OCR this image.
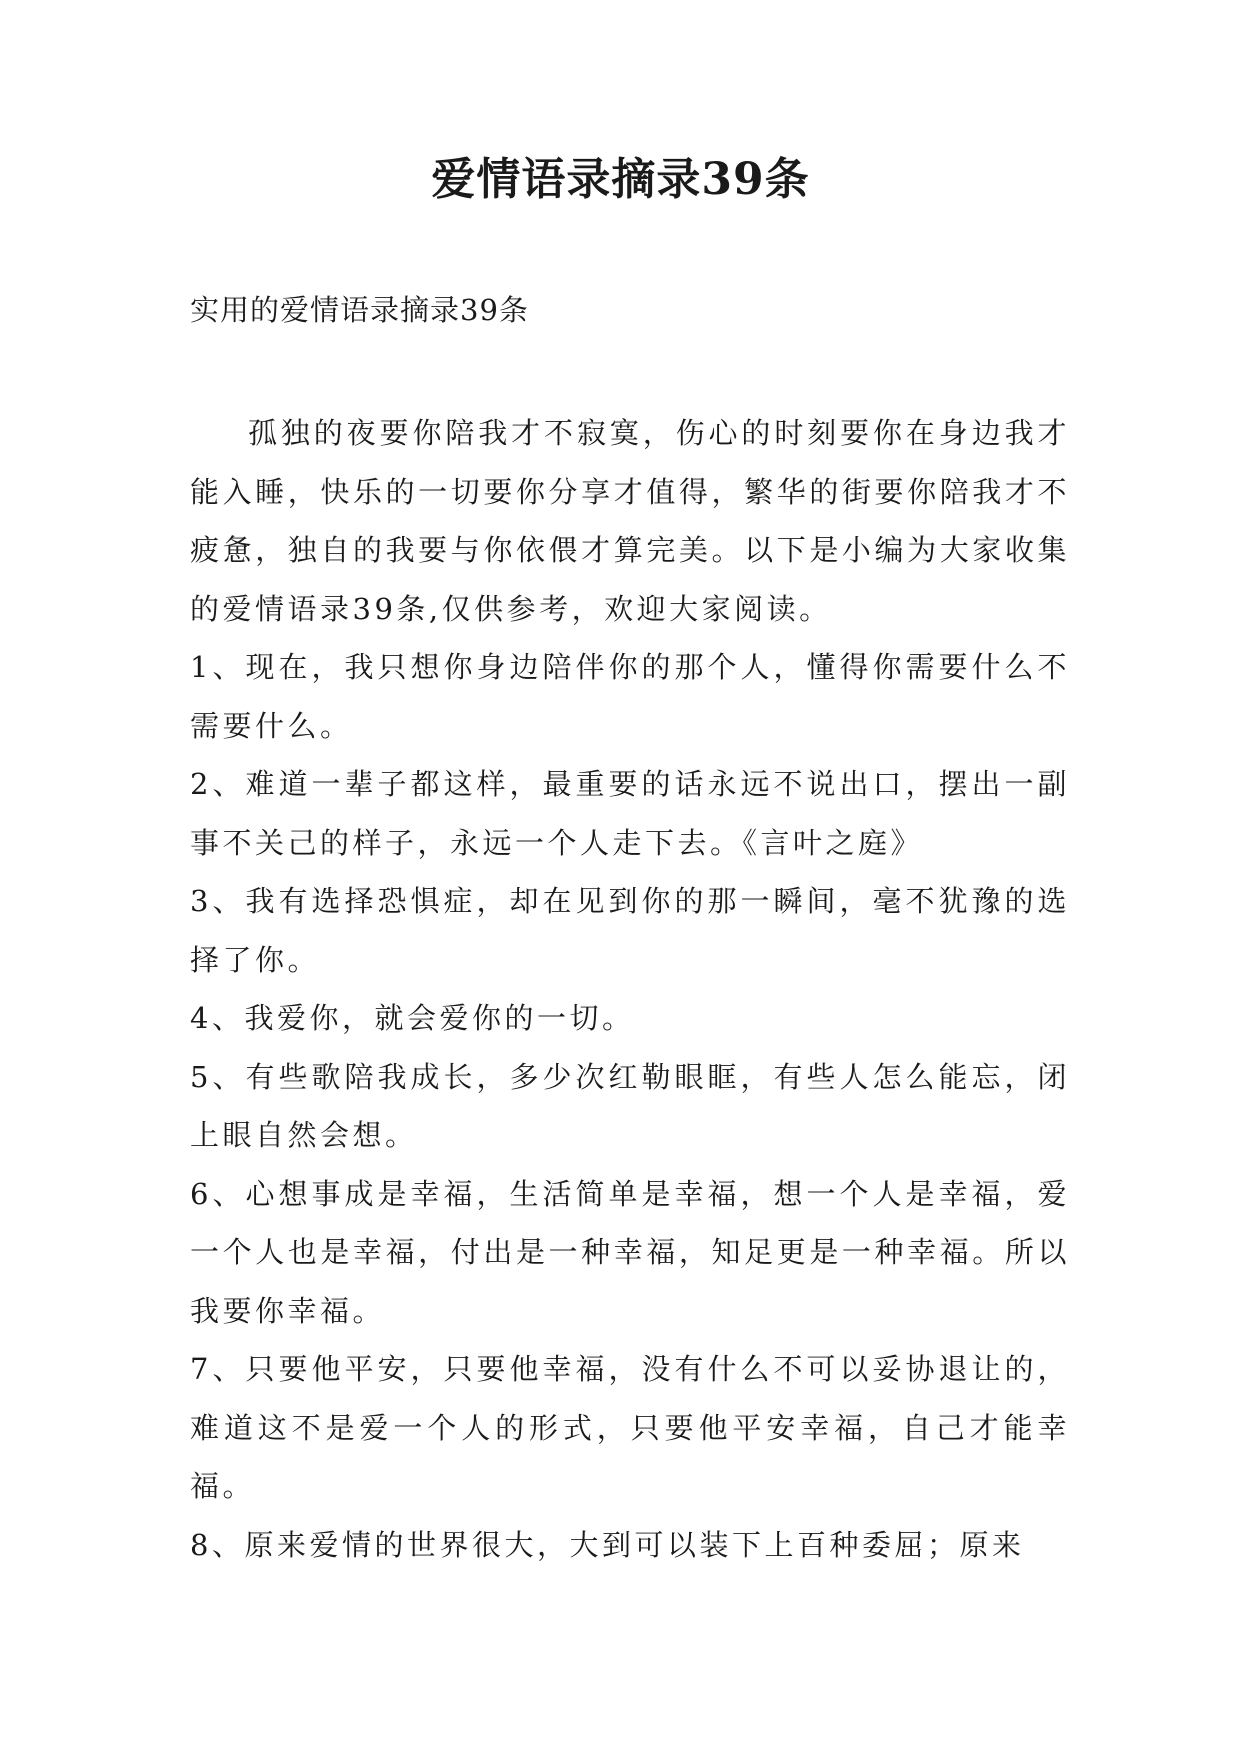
爱情语录摘录39条
实用的爱情语录摘录39条

孤独的夜要你陪我才不寂寞，伤心的时刻要你在身边我才能入睡，快乐的一切要你分享才值得，繁华的街要你陪我才不疲惫，独自的我要与你依偎才算完美。以下是小编为大家收集的爱情语录39条,仅供参考，欢迎大家阅读。

1、现在，我只想你身边陪伴你的那个人，懂得你需要什么不需要什么。

2、难道一辈子都这样，最重要的话永远不说出口，摆出一副事不关己的样子，永远一个人走下去。《言叶之庭》

3、我有选择恐惧症，却在见到你的那一瞬间，毫不犹豫的选择了你。

4、我爱你，就会爱你的一切。

5、有些歌陪我成长，多少次红勒眼眶，有些人怎么能忘，闭上眼自然会想。

6、心想事成是幸福，生活简单是幸福，想一个人是幸福，爱一个人也是幸福，付出是一种幸福，知足更是一种幸福。所以我要你幸福。

7、只要他平安，只要他幸福，没有什么不可以妥协退让的，难道这不是爱一个人的形式，只要他平安幸福，自己才能幸福。

8、原来爱情的世界很大，大到可以装下上百种委屈；原来
